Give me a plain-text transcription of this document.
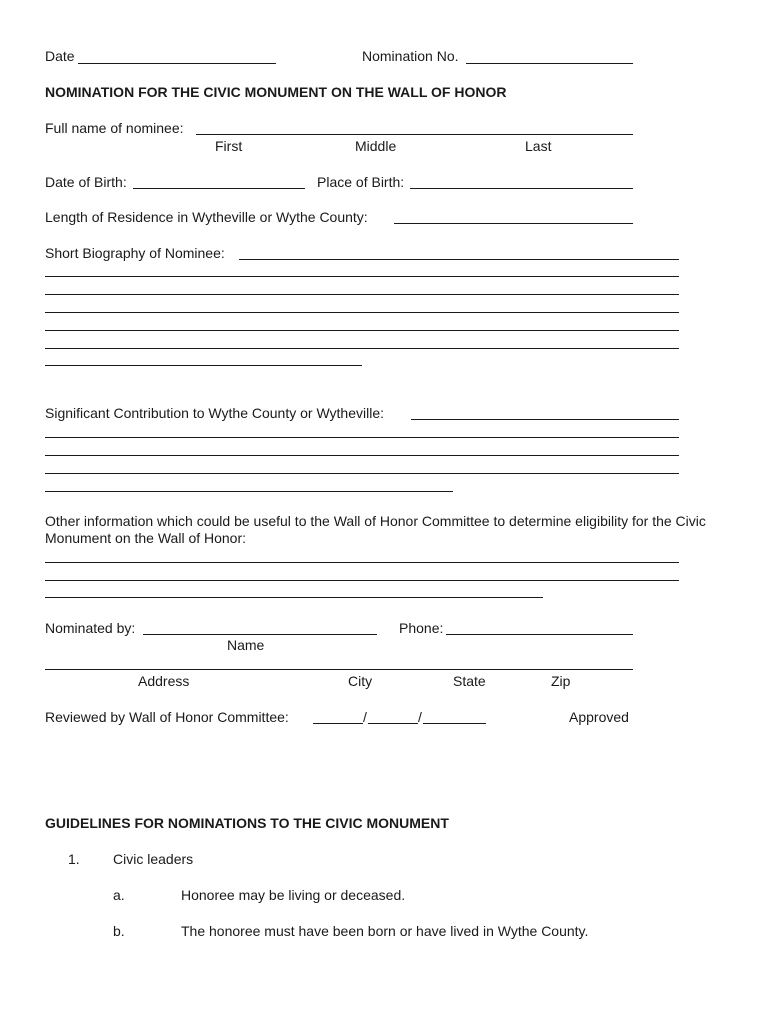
Date	Nomination No.
NOMINATION FOR THE CIVIC MONUMENT ON THE WALL OF HONOR
Full name of nominee:
First	Middle	Last
Date of Birth:	Place of Birth:
Length of Residence in Wytheville or Wythe County:
Short Biography of Nominee:
Significant Contribution to Wythe County or Wytheville:
Other information which could be useful to the Wall of Honor Committee to determine eligibility for the Civic Monument on the Wall of Honor:
Nominated by:	Phone:
Name
Address	City	State	Zip
Reviewed by Wall of Honor Committee:	/	/	Approved
GUIDELINES FOR NOMINATIONS TO THE CIVIC MONUMENT
1. Civic leaders
a.	Honoree may be living or deceased.
b.	The honoree must have been born or have lived in Wythe County.
